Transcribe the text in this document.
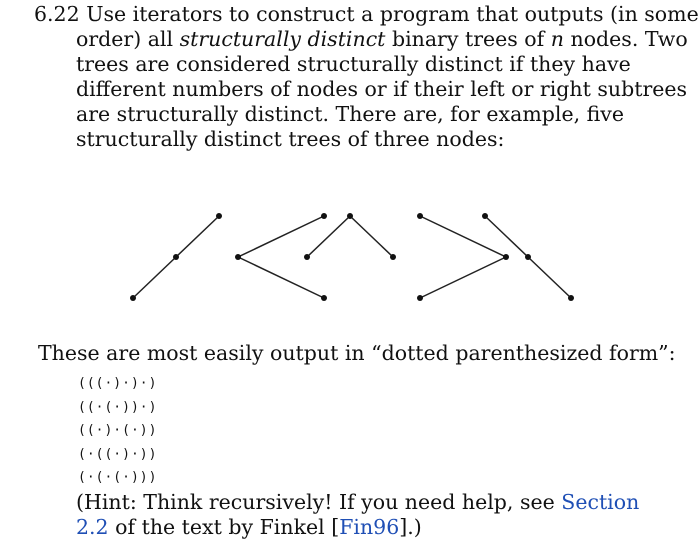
6.22 Use iterators to construct a program that outputs (in some order) all structurally distinct binary trees of n nodes. Two trees are considered structurally distinct if they have different numbers of nodes or if their left or right subtrees are structurally distinct. There are, for example, five structurally distinct trees of three nodes:

These are most easily output in “dotted parenthesized form”:

(((·)·)·)
((·(·))·)
((·)·(·))
(·((·)·))
(·(·(·)))

(Hint: Think recursively! If you need help, see Section 2.2 of the text by Finkel [Fin96].)
